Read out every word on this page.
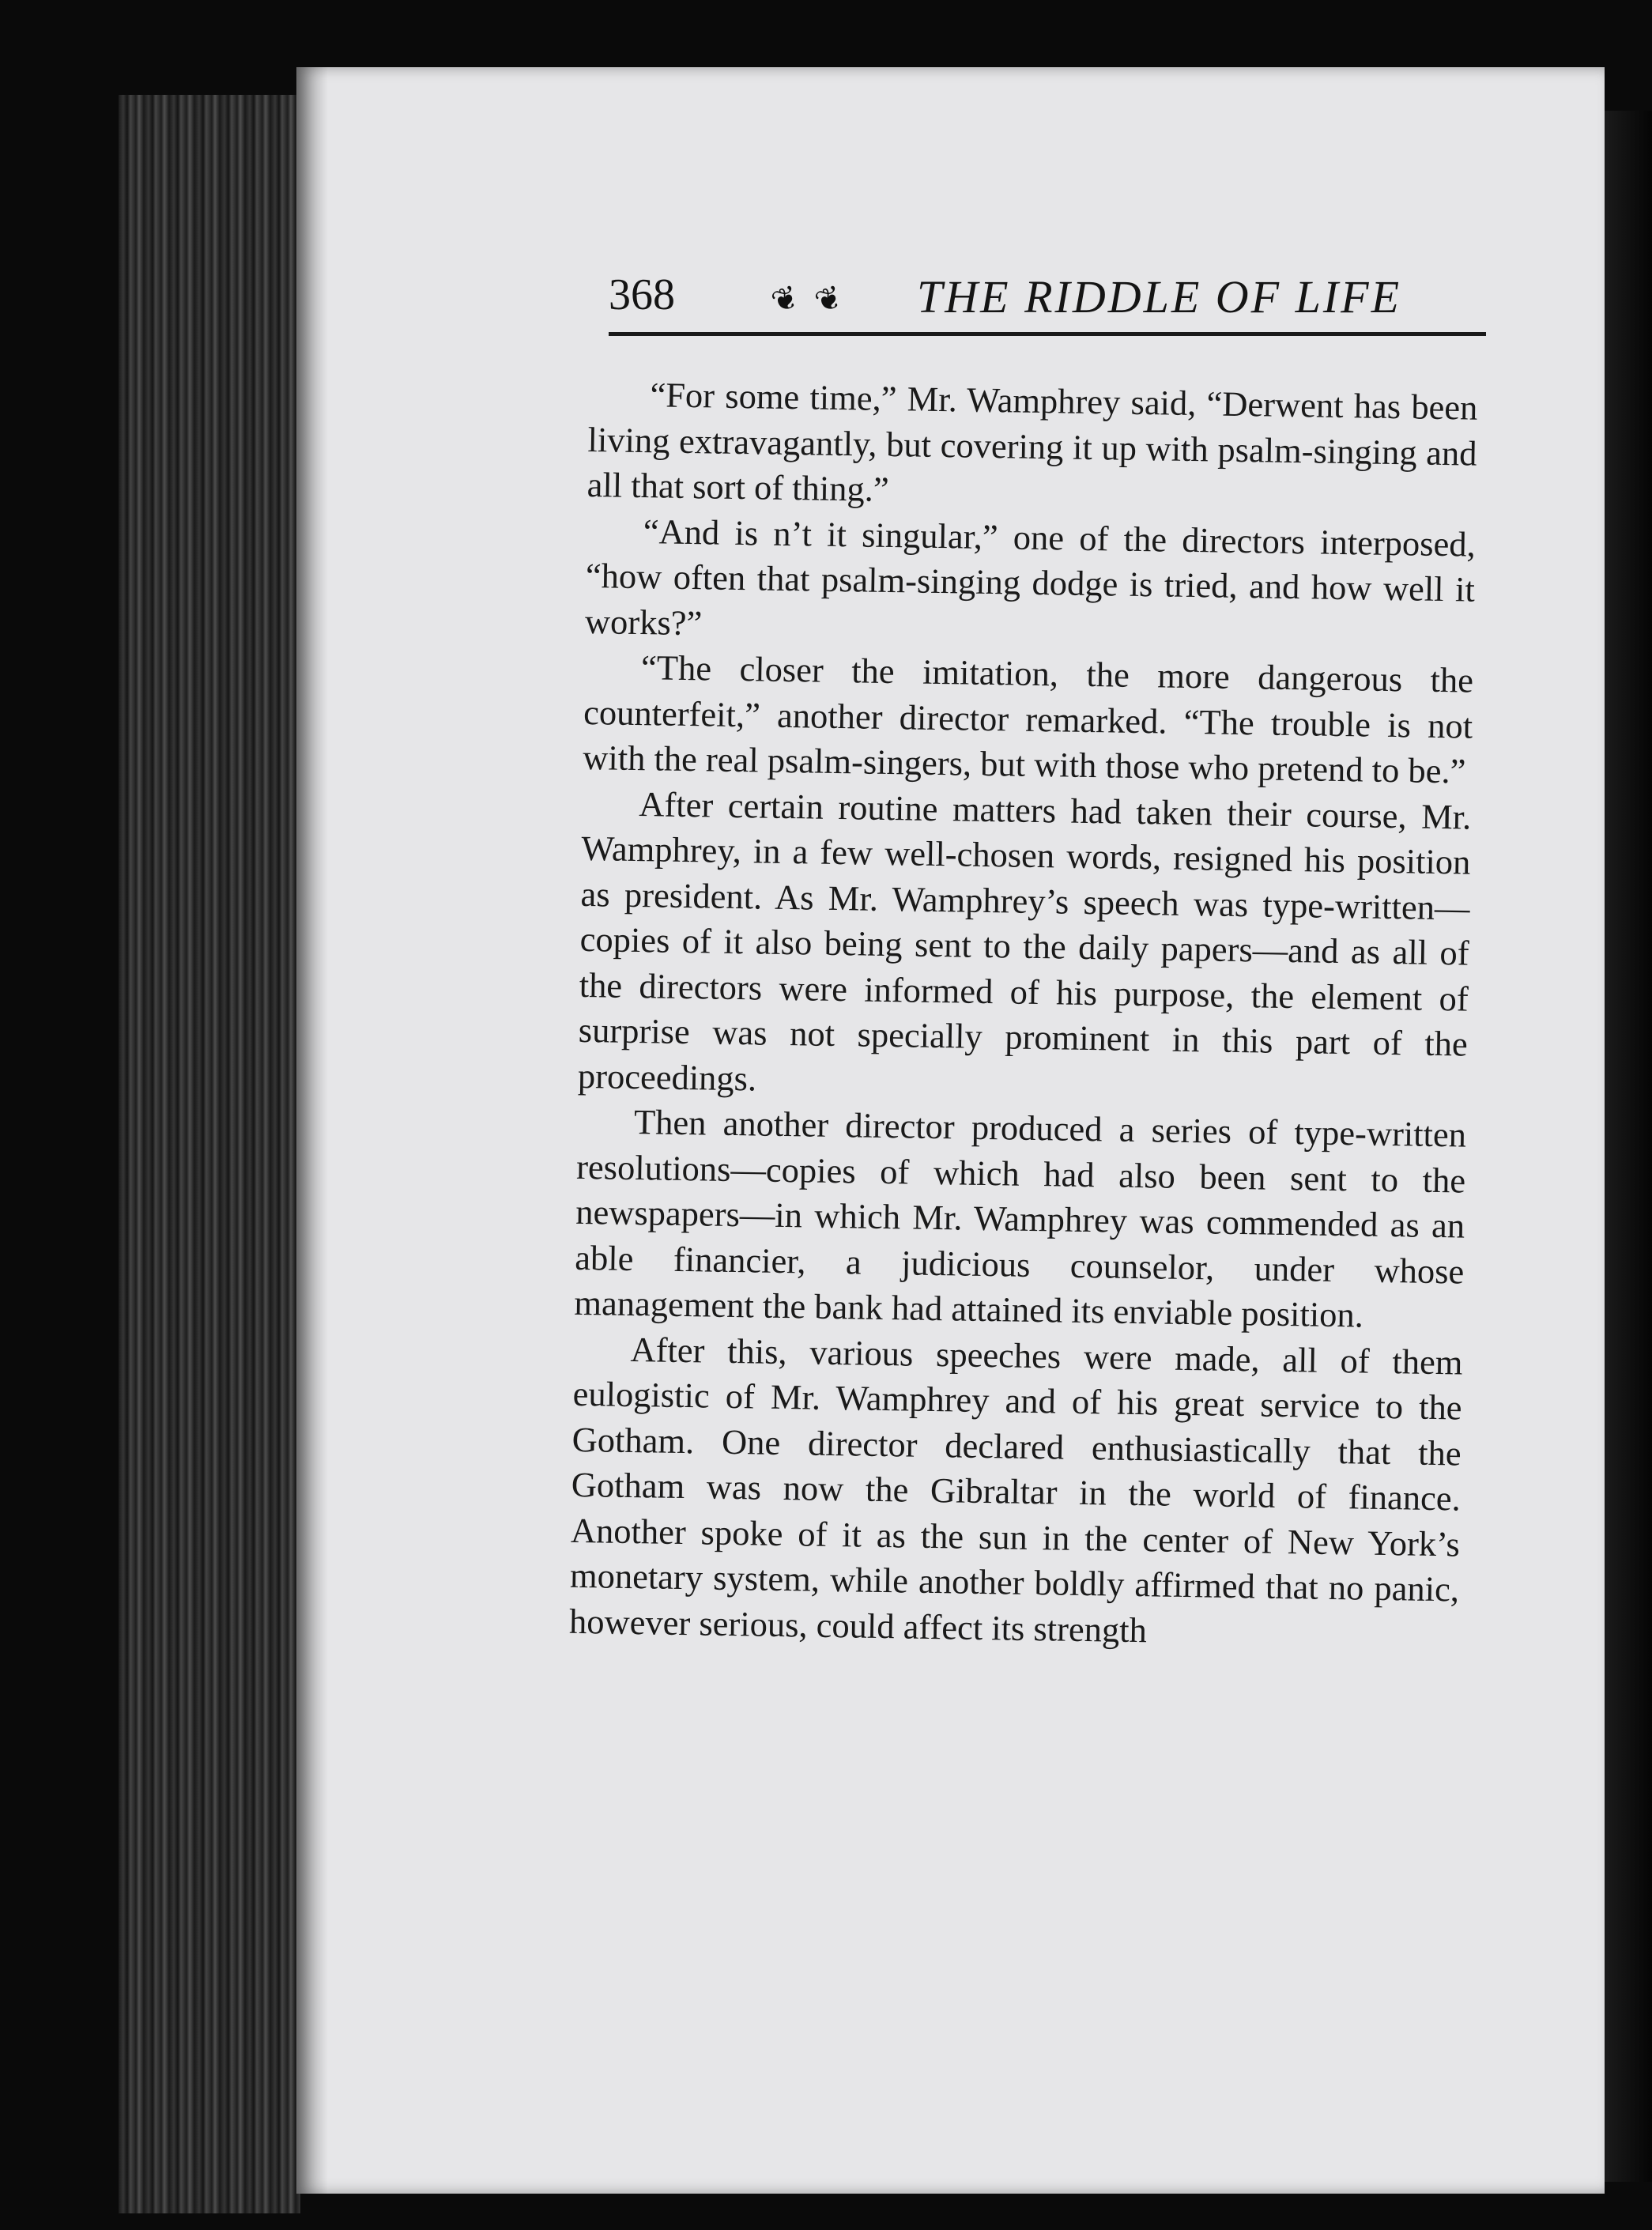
368	❦ ❦ THE RIDDLE OF LIFE

“For some time,” Mr. Wamphrey said, “Derwent has been living extravagantly, but covering it up with psalm-singing and all that sort of thing.”

“And is n’t it singular,” one of the directors interposed, “how often that psalm-singing dodge is tried, and how well it works?”

“The closer the imitation, the more dangerous the counterfeit,” another director remarked. “The trouble is not with the real psalm-singers, but with those who pretend to be.”

After certain routine matters had taken their course, Mr. Wamphrey, in a few well-chosen words, resigned his position as president. As Mr. Wamphrey’s speech was type-written—copies of it also being sent to the daily papers—and as all of the directors were informed of his purpose, the element of surprise was not specially prominent in this part of the proceedings.

Then another director produced a series of type-written resolutions—copies of which had also been sent to the newspapers—in which Mr. Wamphrey was commended as an able financier, a judicious counselor, under whose management the bank had attained its enviable position.

After this, various speeches were made, all of them eulogistic of Mr. Wamphrey and of his great service to the Gotham. One director declared enthusiastically that the Gotham was now the Gibraltar in the world of finance. Another spoke of it as the sun in the center of New York’s monetary system, while another boldly affirmed that no panic, however serious, could affect its strength
